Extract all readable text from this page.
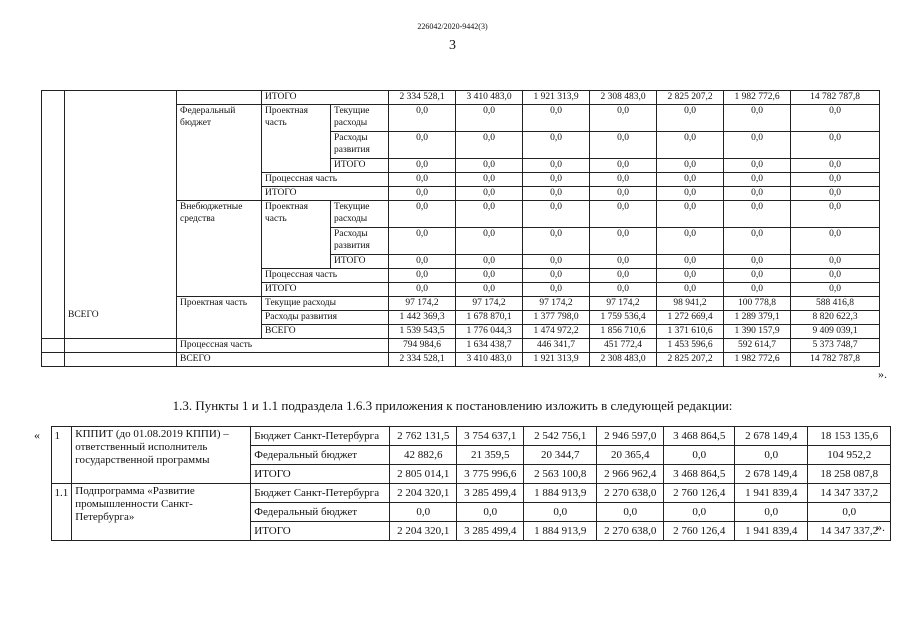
226042/2020-9442(3)
3
			ИТОГО		2 334 528,1	3 410 483,0	1 921 313,9	2 308 483,0	2 825 207,2	1 982 772,6	14 782 787,8
		Федеральный бюджет	Проектная часть	Текущие расходы	0,0	0,0	0,0	0,0	0,0	0,0	0,0
				Расходы развития	0,0	0,0	0,0	0,0	0,0	0,0	0,0
				ИТОГО	0,0	0,0	0,0	0,0	0,0	0,0	0,0
			Процессная часть		0,0	0,0	0,0	0,0	0,0	0,0	0,0
			ИТОГО		0,0	0,0	0,0	0,0	0,0	0,0	0,0
		Внебюджетные средства	Проектная часть	Текущие расходы	0,0	0,0	0,0	0,0	0,0	0,0	0,0
				Расходы развития	0,0	0,0	0,0	0,0	0,0	0,0	0,0
				ИТОГО	0,0	0,0	0,0	0,0	0,0	0,0	0,0
			Процессная часть		0,0	0,0	0,0	0,0	0,0	0,0	0,0
			ИТОГО		0,0	0,0	0,0	0,0	0,0	0,0	0,0
		Проектная часть	Текущие расходы		97 174,2	97 174,2	97 174,2	97 174,2	98 941,2	100 778,8	588 416,8
			Расходы развития		1 442 369,3	1 678 870,1	1 377 798,0	1 759 536,4	1 272 669,4	1 289 379,1	8 820 622,3
			ВСЕГО		1 539 543,5	1 776 044,3	1 474 972,2	1 856 710,6	1 371 610,6	1 390 157,9	9 409 039,1
		Процессная часть			794 984,6	1 634 438,7	446 341,7	451 772,4	1 453 596,6	592 614,7	5 373 748,7
		ВСЕГО			2 334 528,1	3 410 483,0	1 921 313,9	2 308 483,0	2 825 207,2	1 982 772,6	14 782 787,8
ВСЕГО
».
1.3. Пункты 1 и 1.1 подраздела 1.6.3 приложения к постановлению изложить в следующей редакции:
«
	1	КППИТ (до 01.08.2019 КППИ) – ответственный исполнитель государственной программы	Бюджет Санкт-Петербурга	2 762 131,5	3 754 637,1	2 542 756,1	2 946 597,0	3 468 864,5	2 678 149,4	18 153 135,6
			Федеральный бюджет	42 882,6	21 359,5	20 344,7	20 365,4	0,0	0,0	104 952,2
			ИТОГО	2 805 014,1	3 775 996,6	2 563 100,8	2 966 962,4	3 468 864,5	2 678 149,4	18 258 087,8
	1.1	Подпрограмма «Развитие промышленности Санкт-Петербурга»	Бюджет Санкт-Петербурга	2 204 320,1	3 285 499,4	1 884 913,9	2 270 638,0	2 760 126,4	1 941 839,4	14 347 337,2
			Федеральный бюджет	0,0	0,0	0,0	0,0	0,0	0,0	0,0
			ИТОГО	2 204 320,1	3 285 499,4	1 884 913,9	2 270 638,0	2 760 126,4	1 941 839,4	14 347 337,2
».
